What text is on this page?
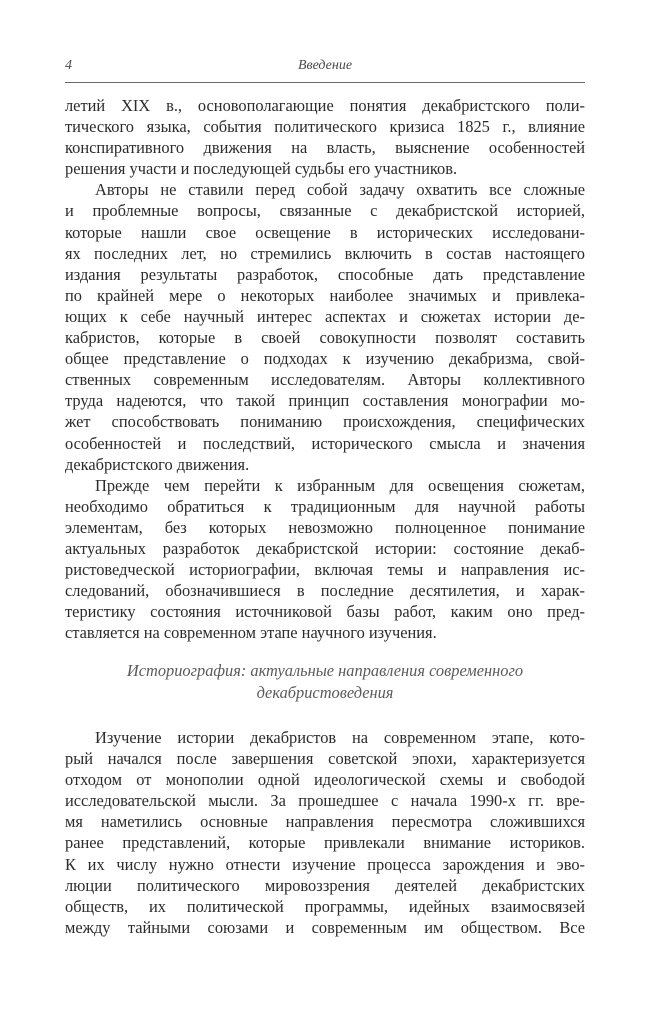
4	Введение
летий XIX в., основополагающие понятия декабристского поли-
тического языка, события политического кризиса 1825 г., влияние
конспиративного движения на власть, выяснение особенностей
решения участи и последующей судьбы его участников.
Авторы не ставили перед собой задачу охватить все сложные
и проблемные вопросы, связанные с декабристской историей,
которые нашли свое освещение в исторических исследовани-
ях последних лет, но стремились включить в состав настоящего
издания результаты разработок, способные дать представление
по крайней мере о некоторых наиболее значимых и привлека-
ющих к себе научный интерес аспектах и сюжетах истории де-
кабристов, которые в своей совокупности позволят составить
общее представление о подходах к изучению декабризма, свой-
ственных современным исследователям. Авторы коллективного
труда надеются, что такой принцип составления монографии мо-
жет способствовать пониманию происхождения, специфических
особенностей и последствий, исторического смысла и значения
декабристского движения.
Прежде чем перейти к избранным для освещения сюжетам,
необходимо обратиться к традиционным для научной работы
элементам, без которых невозможно полноценное понимание
актуальных разработок декабристской истории: состояние декаб-
ристоведческой историографии, включая темы и направления ис-
следований, обозначившиеся в последние десятилетия, и харак-
теристику состояния источниковой базы работ, каким оно пред-
ставляется на современном этапе научного изучения.
Историография: актуальные направления современного
декабристоведения
Изучение истории декабристов на современном этапе, кото-
рый начался после завершения советской эпохи, характеризуется
отходом от монополии одной идеологической схемы и свободой
исследовательской мысли. За прошедшее с начала 1990-х гг. вре-
мя наметились основные направления пересмотра сложившихся
ранее представлений, которые привлекали внимание историков.
К их числу нужно отнести изучение процесса зарождения и эво-
люции политического мировоззрения деятелей декабристских
обществ, их политической программы, идейных взаимосвязей
между тайными союзами и современным им обществом. Все
